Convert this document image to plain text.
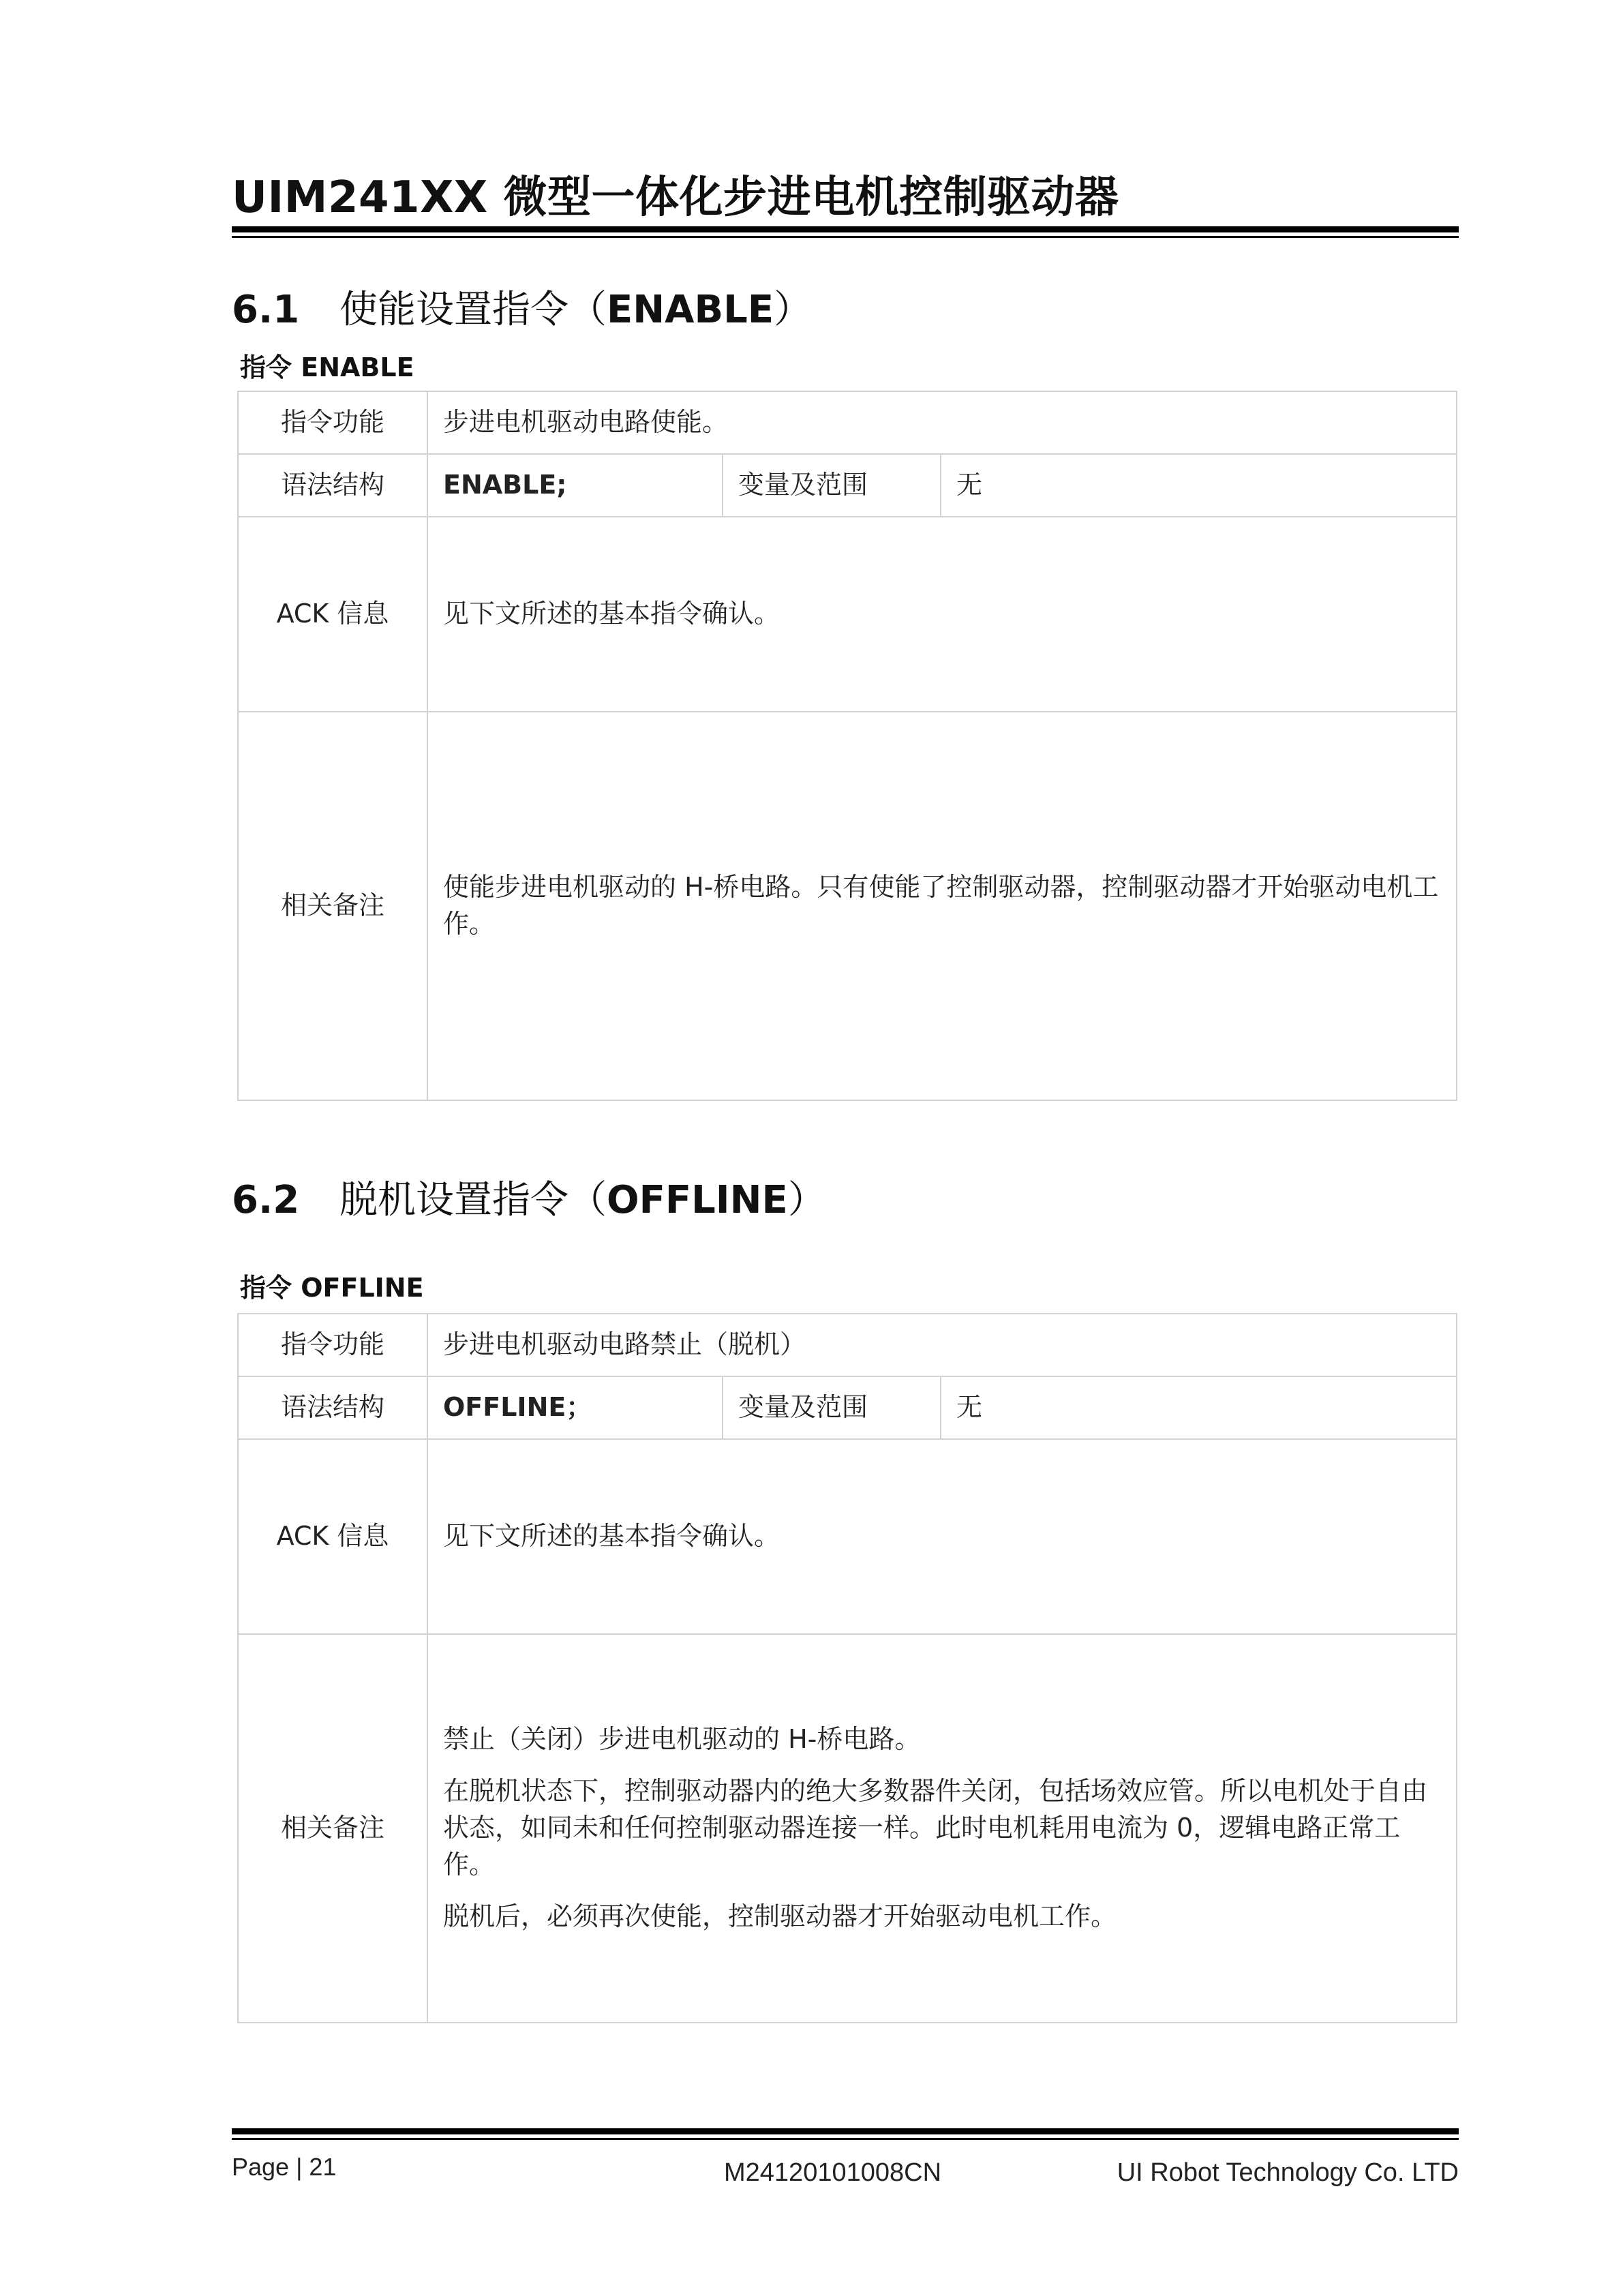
UIM241XX 微型一体化步进电机控制驱动器
6.1 使能设置指令（ENABLE）

指令 ENABLE

指令功能	步进电机驱动电路使能。		
语法结构	ENABLE;	变量及范围	无
ACK 信息	见下文所述的基本指令确认。		
相关备注	使能步进电机驱动的 H-桥电路。只有使能了控制驱动器，控制驱动器才开始驱动电机工作。		

6.2 脱机设置指令（OFFLINE）

指令 OFFLINE

指令功能	步进电机驱动电路禁止（脱机）		
语法结构	OFFLINE；	变量及范围	无
ACK 信息	见下文所述的基本指令确认。		
相关备注	禁止（关闭）步进电机驱动的 H-桥电路。

在脱机状态下，控制驱动器内的绝大多数器件关闭，包括场效应管。所以电机处于自由状态，如同未和任何控制驱动器连接一样。此时电机耗用电流为 0，逻辑电路正常工作。

脱机后，必须再次使能，控制驱动器才开始驱动电机工作。		

Page | 21	M24120101008CN	UI Robot Technology Co. LTD
